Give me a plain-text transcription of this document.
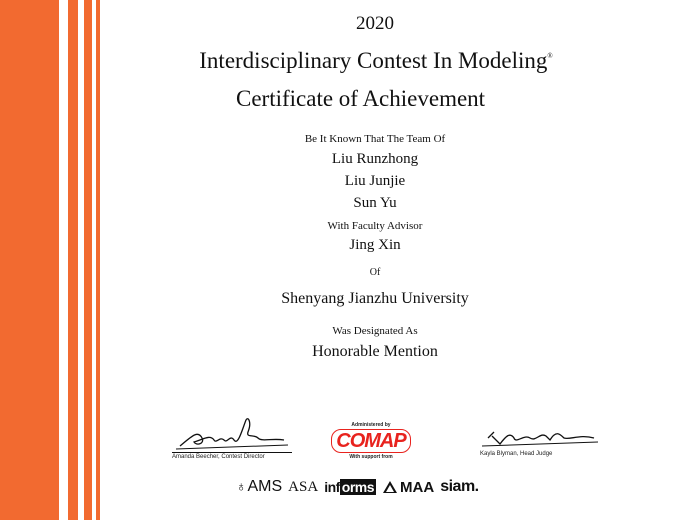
2020
Interdisciplinary Contest In Modeling®
Certificate of Achievement
Be It Known That The Team Of
Liu Runzhong
Liu Junjie
Sun Yu
With Faculty Advisor
Jing Xin
Of
Shenyang Jianzhu University
Was Designated As
Honorable Mention
Amanda Beecher, Contest Director
Administered by
COMAP
With support from	Kayla Blyman, Head Judge
♁AMS ASA inf orms MAA siam.
